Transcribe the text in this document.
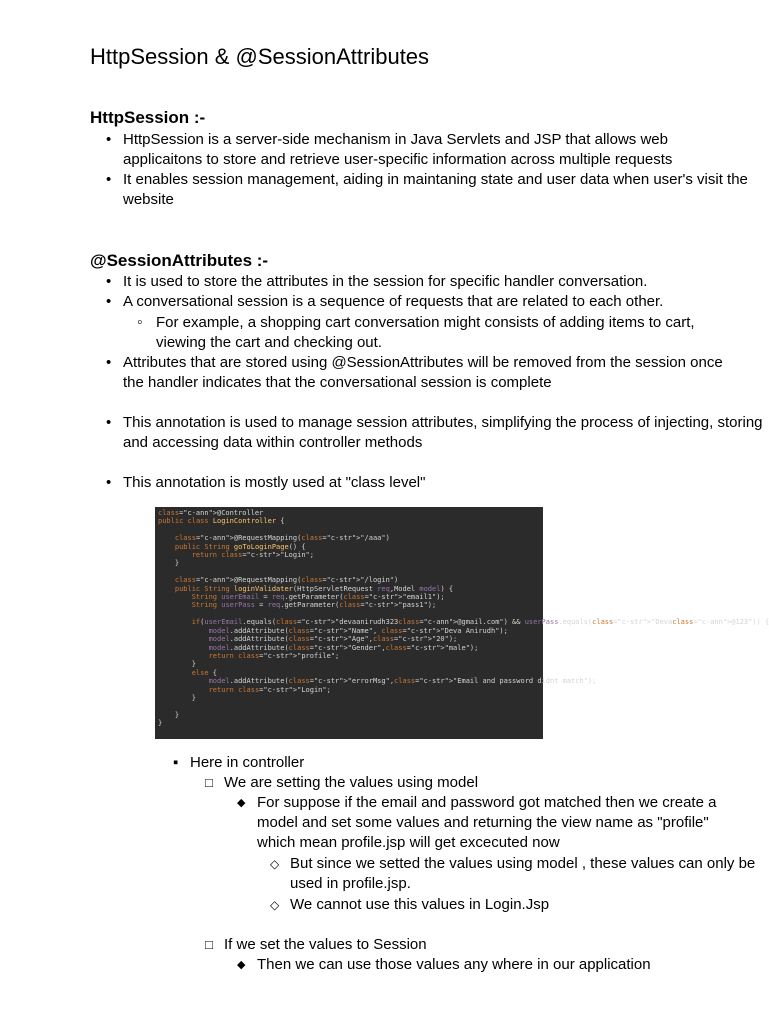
HttpSession & @SessionAttributes
HttpSession :-
• HttpSession is a server-side mechanism in Java Servlets and JSP that allows web applicaitons to store and retrieve user-specific information across multiple requests
• It enables session management, aiding in maintaning state and user data when user's visit the website
@SessionAttributes :-
• It is used to store the attributes in the session for specific handler conversation.
• A conversational session is a sequence of requests that are related to each other.
◦ For example, a shopping cart conversation might consists of adding items to cart, viewing the cart and checking out.
• Attributes that are stored using @SessionAttributes will be removed from the session once the handler indicates that the conversational session is complete
• This annotation is used to manage session attributes, simplifying the process of injecting, storing and accessing data within controller methods
• This annotation is mostly used at "class level"
class="c-ann">@Controller
public class LoginController {

class="c-ann">@RequestMapping(class="c-str">"/aaa")
public String goToLoginPage() {
return class="c-str">"Login";
}

class="c-ann">@RequestMapping(class="c-str">"/login")
public String loginValidater(HttpServletRequest req,Model model) {
String userEmail = req.getParameter(class="c-str">"email1");
String userPass = req.getParameter(class="c-str">"pass1");

if(userEmail.equals(class="c-str">"devaanirudh323class="c-ann">@gmail.com") && userPass.equals(class="c-str">"Devaclass="c-ann">@123")) {
model.addAttribute(class="c-str">"Name", class="c-str">"Deva Anirudh");
model.addAttribute(class="c-str">"Age",class="c-str">"20");
model.addAttribute(class="c-str">"Gender",class="c-str">"male");
return class="c-str">"profile";
}
else {
model.addAttribute(class="c-str">"errorMsg",class="c-str">"Email and password didnt match");
return class="c-str">"Login";
}

}
}
▪ Here in controller
□ We are setting the values using model
◆ For suppose if the email and password got matched then we create a model and set some values and returning the view name as "profile" which mean profile.jsp will get excecuted now
◇ But since we setted the values using model , these values can only be used in profile.jsp.
◇ We cannot use this values in Login.Jsp
□ If we set the values to Session
◆ Then we can use those values any where in our application
